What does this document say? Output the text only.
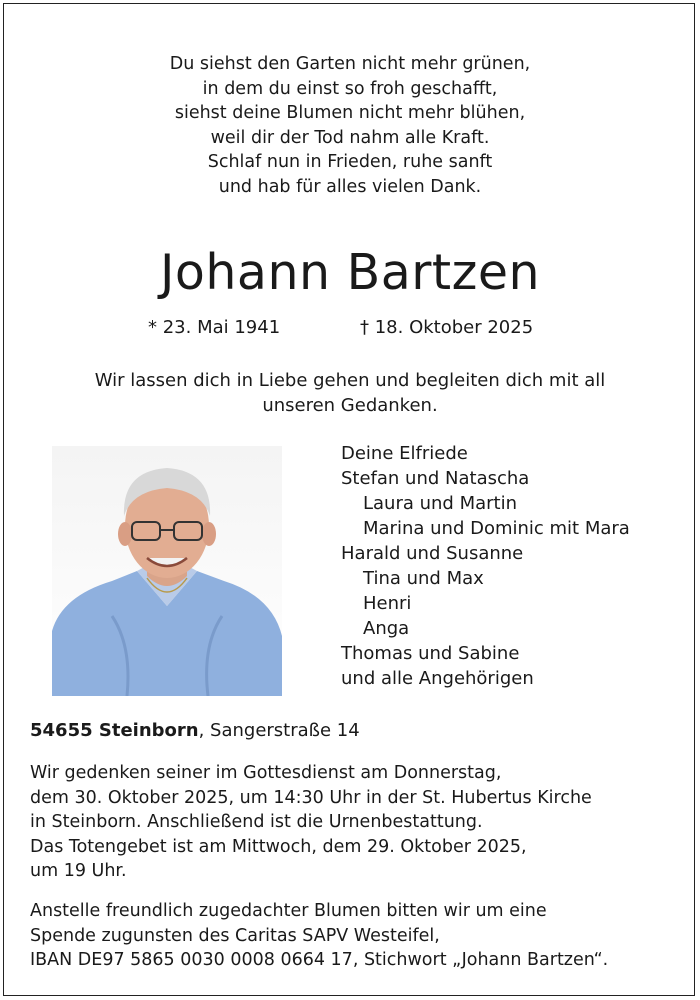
Du siehst den Garten nicht mehr grünen,
in dem du einst so froh geschafft,
siehst deine Blumen nicht mehr blühen,
weil dir der Tod nahm alle Kraft.
Schlaf nun in Frieden, ruhe sanft
und hab für alles vielen Dank.
Johann Bartzen
* 23. Mai 1941	† 18. Oktober 2025
Wir lassen dich in Liebe gehen und begleiten dich mit all
unseren Gedanken.
Deine Elfriede
Stefan und Natascha
Laura und Martin
Marina und Dominic mit Mara
Harald und Susanne
Tina und Max
Henri
Anga
Thomas und Sabine
und alle Angehörigen
54655 Steinborn, Sangerstraße 14
Wir gedenken seiner im Gottesdienst am Donnerstag,
dem 30. Oktober 2025, um 14:30 Uhr in der St. Hubertus Kirche
in Steinborn. Anschließend ist die Urnenbestattung.
Das Totengebet ist am Mittwoch, dem 29. Oktober 2025,
um 19 Uhr.
Anstelle freundlich zugedachter Blumen bitten wir um eine
Spende zugunsten des Caritas SAPV Westeifel,
IBAN DE97 5865 0030 0008 0664 17, Stichwort „Johann Bartzen“.
